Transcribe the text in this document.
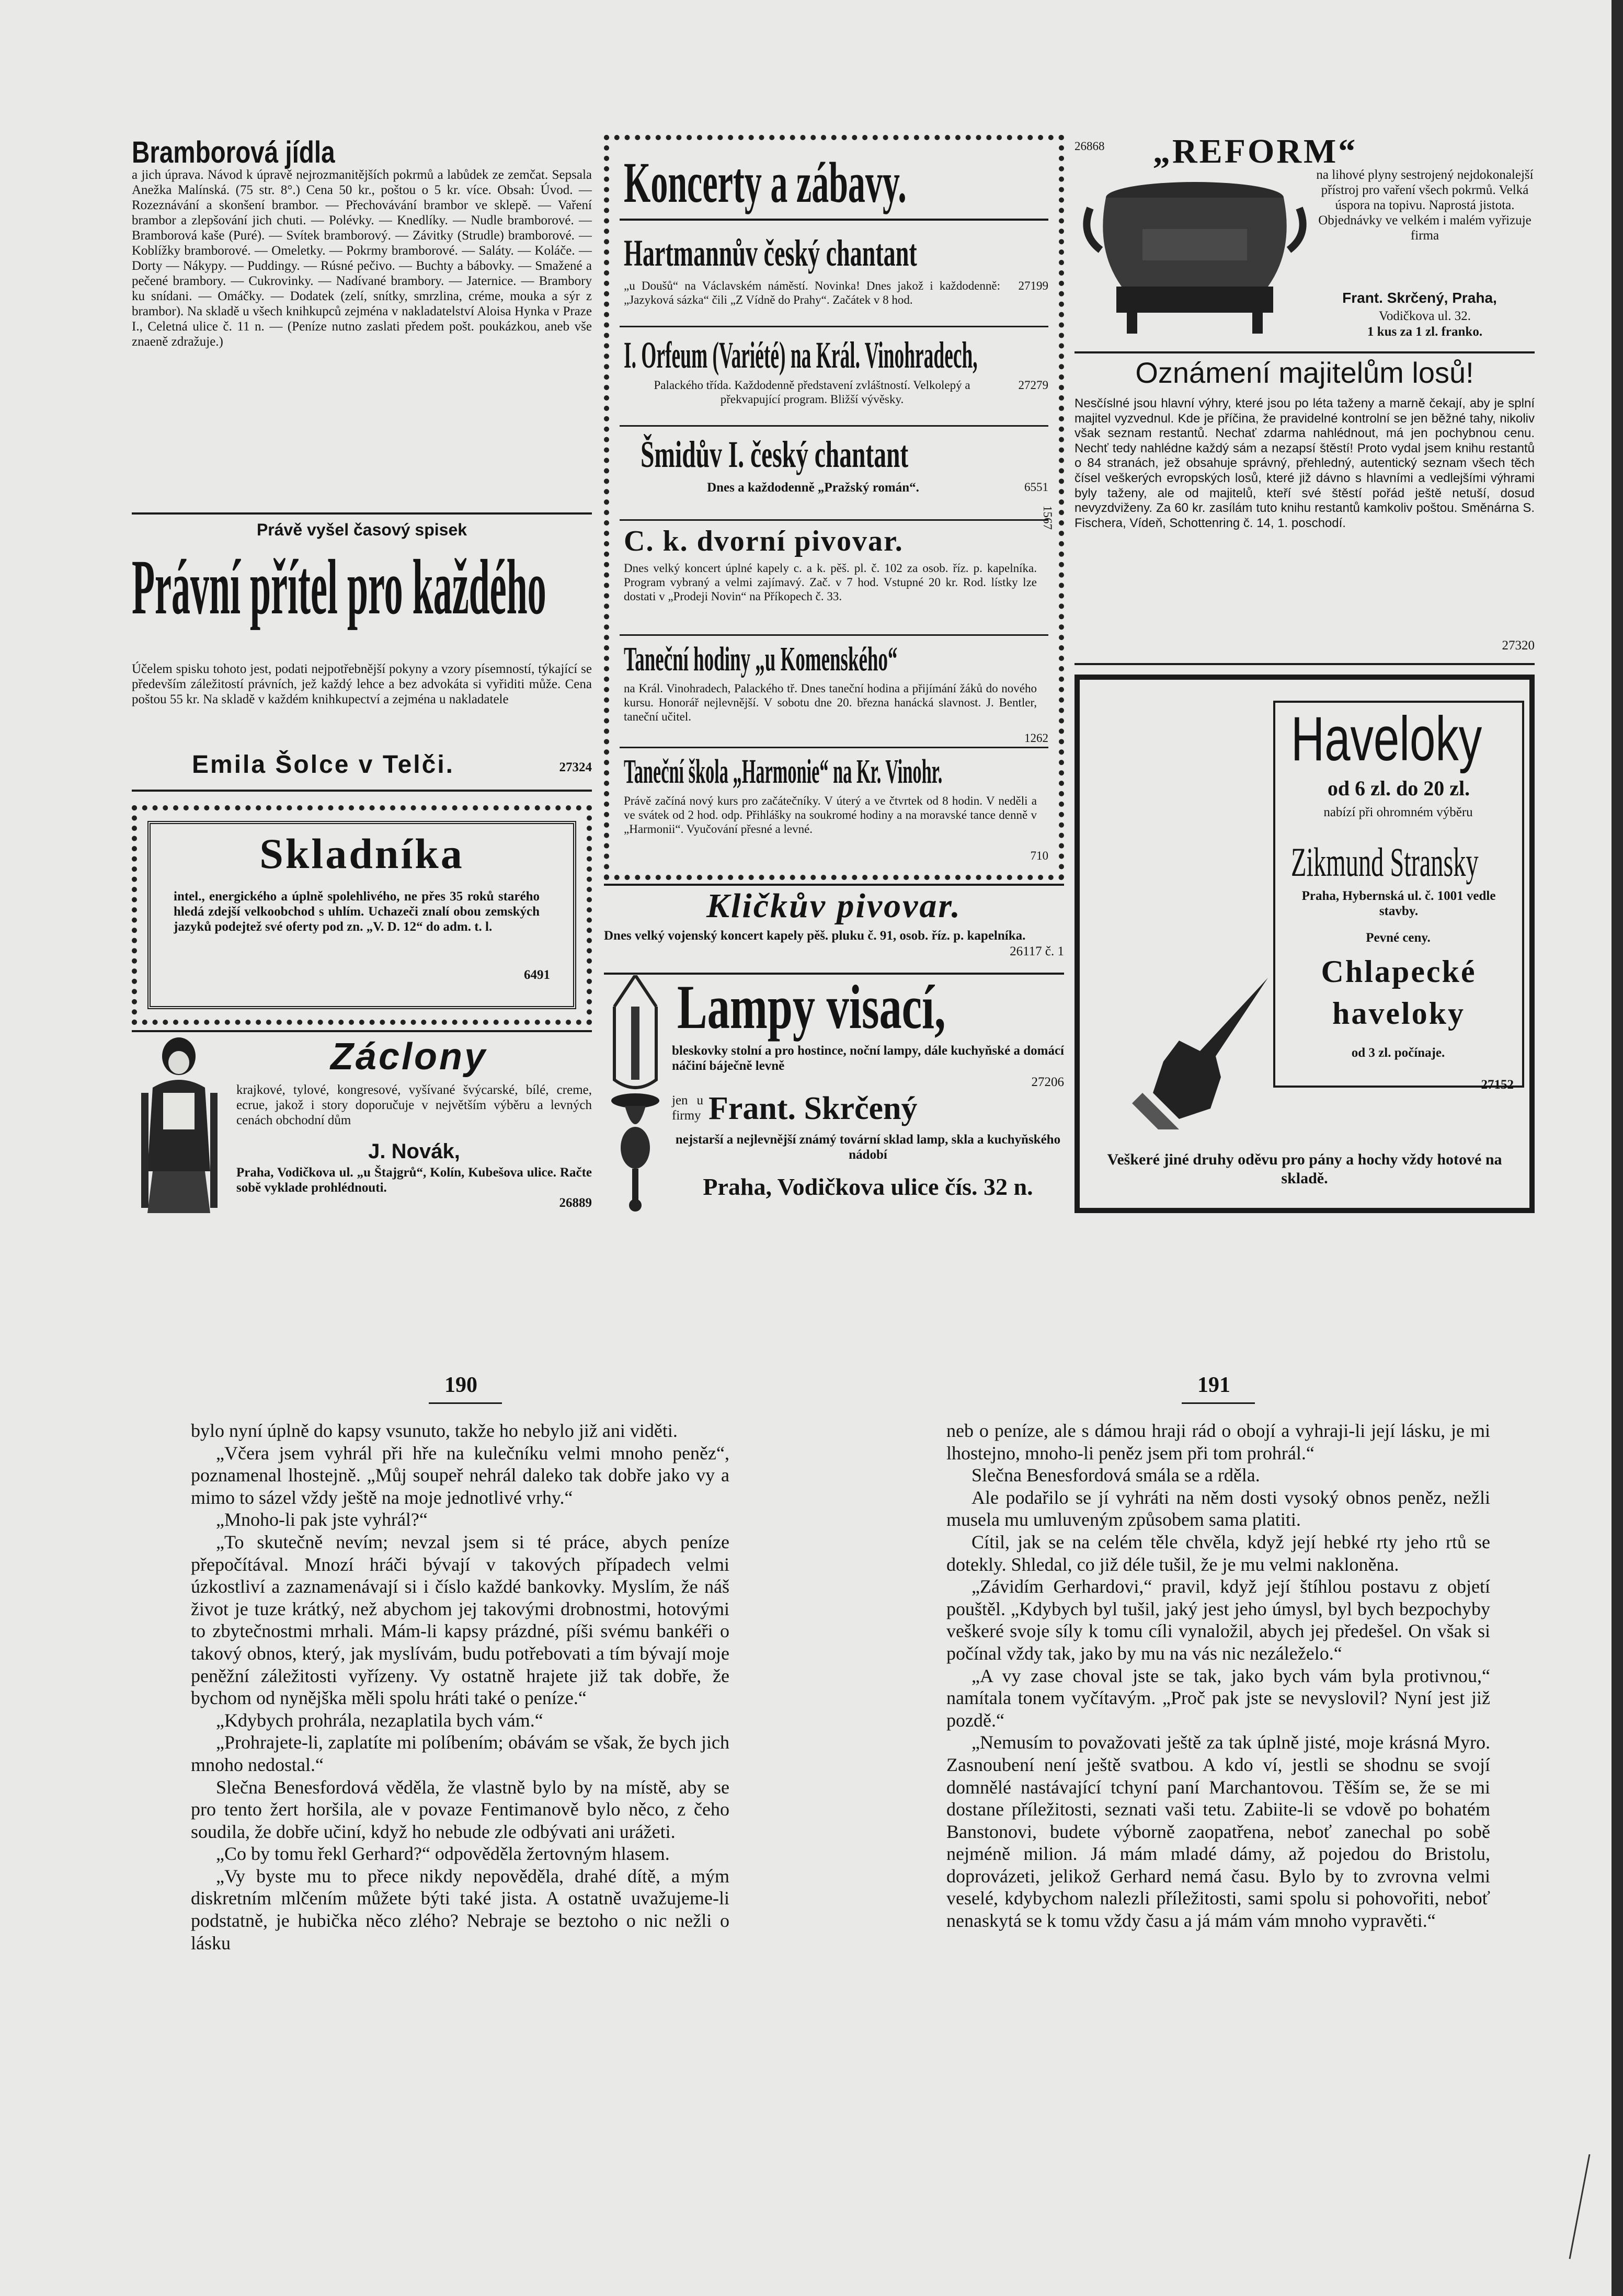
Bramborová jídla
a jich úprava. Návod k úpravě nejrozmanitějších pokrmů a labůdek ze zemčat. Sepsala Anežka Malínská. (75 str. 8°.) Cena 50 kr., poštou o 5 kr. více. Obsah: Úvod. — Rozeznávání a skonšení brambor. — Přechovávání brambor ve sklepě. — Vaření brambor a zlepšování jich chuti. — Polévky. — Knedlíky. — Nudle bramborové. — Bramborová kaše (Puré). — Svítek bramborový. — Závitky (Strudle) bramborové. — Koblížky bramborové. — Omeletky. — Pokrmy bramborové. — Saláty. — Koláče. — Dorty — Nákypy. — Puddingy. — Rúsné pečivo. — Buchty a bábovky. — Smažené a pečené brambory. — Cukrovinky. — Nadívané brambory. — Jaternice. — Brambory ku snídani. — Omáčky. — Dodatek (zelí, snítky, smrzlina, créme, mouka a sýr z brambor). Na skladě u všech knihkupců zejména v nakladatelství Aloisa Hynka v Praze I., Celetná ulice č. 11 n. — (Peníze nutno zaslati předem pošt. poukázkou, aneb vše znaeně zdražuje.)
Právě vyšel časový spisek
Právní přítel pro každého
Účelem spisku tohoto jest, podati nejpotřebnější pokyny a vzory písemností, týkající se především záležitostí právních, jež každý lehce a bez advokáta si vyřiditi může. Cena poštou 55 kr. Na skladě v každém knihkupectví a zejména u nakladatele
Emila Šolce v Telči.	27324
Skladníka
intel., energického a úplně spolehlivého, ne přes 35 roků starého hledá zdejší velkoobchod s uhlím. Uchazeči znalí obou zemských jazyků podejtež své oferty pod zn. „V. D. 12“ do adm. t. l.
6491
Záclony
krajkové, tylové, kongresové, vyšívané švýcarské, bílé, creme, ecrue, jakož i story doporučuje v největším výběru a levných cenách obchodní dům
J. Novák,
Praha, Vodičkova ul. „u Štajgrů“, Kolín, Kubešova ulice. Račte sobě vyklade prohlédnouti.
26889
Koncerty a zábavy.
Hartmannův český chantant
„u Doušů“ na Václavském náměstí. Novinka! Dnes jakož i každodenně: „Jazyková sázka“ čili „Z Vídně do Prahy“. Začátek v 8 hod.
27199
I. Orfeum (Variété) na Král. Vinohradech,
Palackého třída. Každodenně představení zvláštností. Velkolepý a překvapující program. Bližší vývěsky.
27279
Šmidův I. český chantant
Dnes a každodenně „Pražský román“.	6551
C. k. dvorní pivovar.
Dnes velký koncert úplné kapely c. a k. pěš. pl. č. 102 za osob. říz. p. kapelníka. Program vybraný a velmi zajímavý. Zač. v 7 hod. Vstupné 20 kr. Rod. lístky lze dostati v „Prodeji Novin“ na Příkopech č. 33.
1567
Taneční hodiny „u Komenského“
na Král. Vinohradech, Palackého tř. Dnes taneční hodina a přijímání žáků do nového kursu. Honorář nejlevnější. V sobotu dne 20. března hanácká slavnost. J. Bentler, taneční učitel.
1262
Taneční škola „Harmonie“ na Kr. Vinohr.
Právě začíná nový kurs pro začátečníky. V úterý a ve čtvrtek od 8 hodin. V neděli a ve svátek od 2 hod. odp. Přihlášky na soukromé hodiny a na moravské tance denně v „Harmonii“. Vyučování přesné a levné.
710
Kličkův pivovar.
Dnes velký vojenský koncert kapely pěš. pluku č. 91, osob. říz. p. kapelníka.
26117 č. 1
Lampy visací,
bleskovky stolní a pro hostince, noční lampy, dále kuchyňské a domácí náčiní báječně levně
27206
jen u firmy Frant. Skrčený
nejstarší a nejlevnější známý tovární sklad lamp, skla a kuchyňského nádobí
Praha, Vodičkova ulice čís. 32 n.
26868 „REFORM“
na lihové plyny sestrojený nejdokonalejší přístroj pro vaření všech pokrmů. Velká úspora na topivu. Naprostá jistota. Objednávky ve velkém i malém vyřizuje firma
Frant. Skrčený, Praha,
Vodičkova ul. 32.
1 kus za 1 zl. franko.
Oznámení majitelům losů!
Nesčíslné jsou hlavní výhry, které jsou po léta taženy a marně čekají, aby je splní majitel vyzvednul. Kde je příčina, že pravidelné kontrolní se jen běžné tahy, nikoliv však seznam restantů. Nechať zdarma nahlédnout, má jen pochybnou cenu. Nechť tedy nahlédne každý sám a nezapsí štěstí! Proto vydal jsem knihu restantů o 84 stranách, jež obsahuje správný, přehledný, autentický seznam všech těch čísel veškerých evropských losů, které již dávno s hlavními a vedlejšími výhrami byly taženy, ale od majitelů, kteří své štěstí pořád ještě netuší, dosud nevyzdviženy. Za 60 kr. zasílám tuto knihu restantů kamkoliv poštou. Směnárna S. Fischera, Vídeň, Schottenring č. 14, 1. poschodí.
27320
Haveloky
od 6 zl. do 20 zl.
nabízí při ohromném výběru
Zikmund Stransky
Praha, Hybernská ul. č. 1001 vedle stavby.
Pevné ceny.
Chlapecké
haveloky
od 3 zl. počínaje.
27152
Veškeré jiné druhy oděvu pro pány a hochy vždy hotové na skladě.
190	191

bylo nyní úplně do kapsy vsunuto, takže ho nebylo již ani viděti.

„Včera jsem vyhrál při hře na kulečníku velmi mnoho peněz“, poznamenal lhostejně. „Můj soupeř nehrál daleko tak dobře jako vy a mimo to sázel vždy ještě na moje jednotlivé vrhy.“

„Mnoho-li pak jste vyhrál?“

„To skutečně nevím; nevzal jsem si té práce, abych peníze přepočítával. Mnozí hráči bývají v takových případech velmi úzkostliví a zaznamenávají si i číslo každé bankovky. Myslím, že náš život je tuze krátký, než abychom jej takovými drobnostmi, hotovými to zbytečnostmi mrhali. Mám-li kapsy prázdné, píši svému bankéři o takový obnos, který, jak myslívám, budu potřebovati a tím bývají moje peněžní záležitosti vyřízeny. Vy ostatně hrajete již tak dobře, že bychom od nynějška měli spolu hráti také o peníze.“

„Kdybych prohrála, nezaplatila bych vám.“

„Prohrajete-li, zaplatíte mi políbením; obávám se však, že bych jich mnoho nedostal.“

Slečna Benesfordová věděla, že vlastně bylo by na místě, aby se pro tento žert horšila, ale v povaze Fentimanově bylo něco, z čeho soudila, že dobře učiní, když ho nebude zle odbývati ani urážeti.

„Co by tomu řekl Gerhard?“ odpověděla žertovným hlasem.

„Vy byste mu to přece nikdy nepověděla, drahé dítě, a mým diskretním mlčením můžete býti také jista. A ostatně uvažujeme-li podstatně, je hubička něco zlého? Nebraje se beztoho o nic nežli o lásku

neb o peníze, ale s dámou hraji rád o obojí a vyhraji-li její lásku, je mi lhostejno, mnoho-li peněz jsem při tom prohrál.“

Slečna Benesfordová smála se a rděla.

Ale podařilo se jí vyhráti na něm dosti vysoký obnos peněz, nežli musela mu umluveným způsobem sama platiti.

Cítil, jak se na celém těle chvěla, když její hebké rty jeho rtů se dotekly. Shledal, co již déle tušil, že je mu velmi nakloněna.

„Závidím Gerhardovi,“ pravil, když její štíhlou postavu z objetí pouštěl. „Kdybych byl tušil, jaký jest jeho úmysl, byl bych bezpochyby veškeré svoje síly k tomu cíli vynaložil, abych jej předešel. On však si počínal vždy tak, jako by mu na vás nic nezáleželo.“

„A vy zase choval jste se tak, jako bych vám byla protivnou,“ namítala tonem vyčítavým. „Proč pak jste se nevyslovil? Nyní jest již pozdě.“

„Nemusím to považovati ještě za tak úplně jisté, moje krásná Myro. Zasnoubení není ještě svatbou. A kdo ví, jestli se shodnu se svojí domnělé nastávající tchyní paní Marchantovou. Těším se, že se mi dostane příležitosti, seznati vaši tetu. Zabiite-li se vdově po bohatém Banstonovi, budete výborně zaopatřena, neboť zanechal po sobě nejméně milion. Já mám mladé dámy, až pojedou do Bristolu, doprovázeti, jelikož Gerhard nemá času. Bylo by to zvrovna velmi veselé, kdybychom nalezli příležitosti, sami spolu si pohovořiti, neboť nenaskytá se k tomu vždy času a já mám vám mnoho vypravěti.“
